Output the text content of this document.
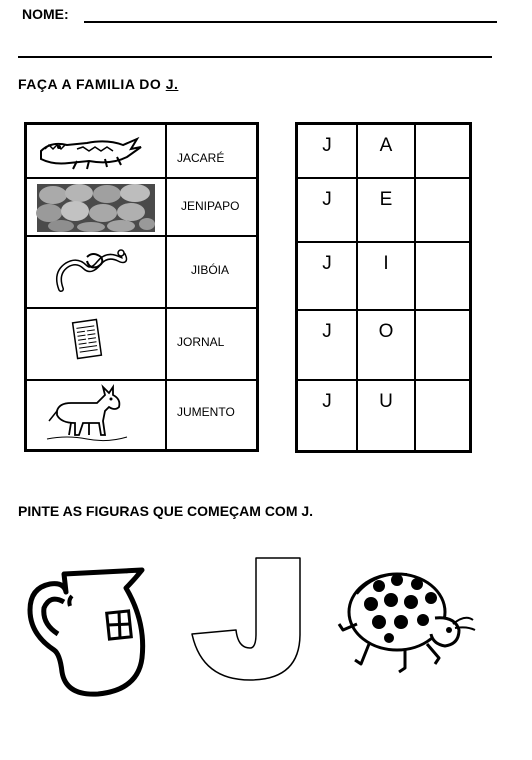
NOME:
FAÇA A FAMILIA DO J.
JACARÉ
JENIPAPO
JIBÓIA
JORNAL
JUMENTO
J	A
J	E
J	I
J	O
J	U
PINTE AS FIGURAS QUE COMEÇAM COM J.
